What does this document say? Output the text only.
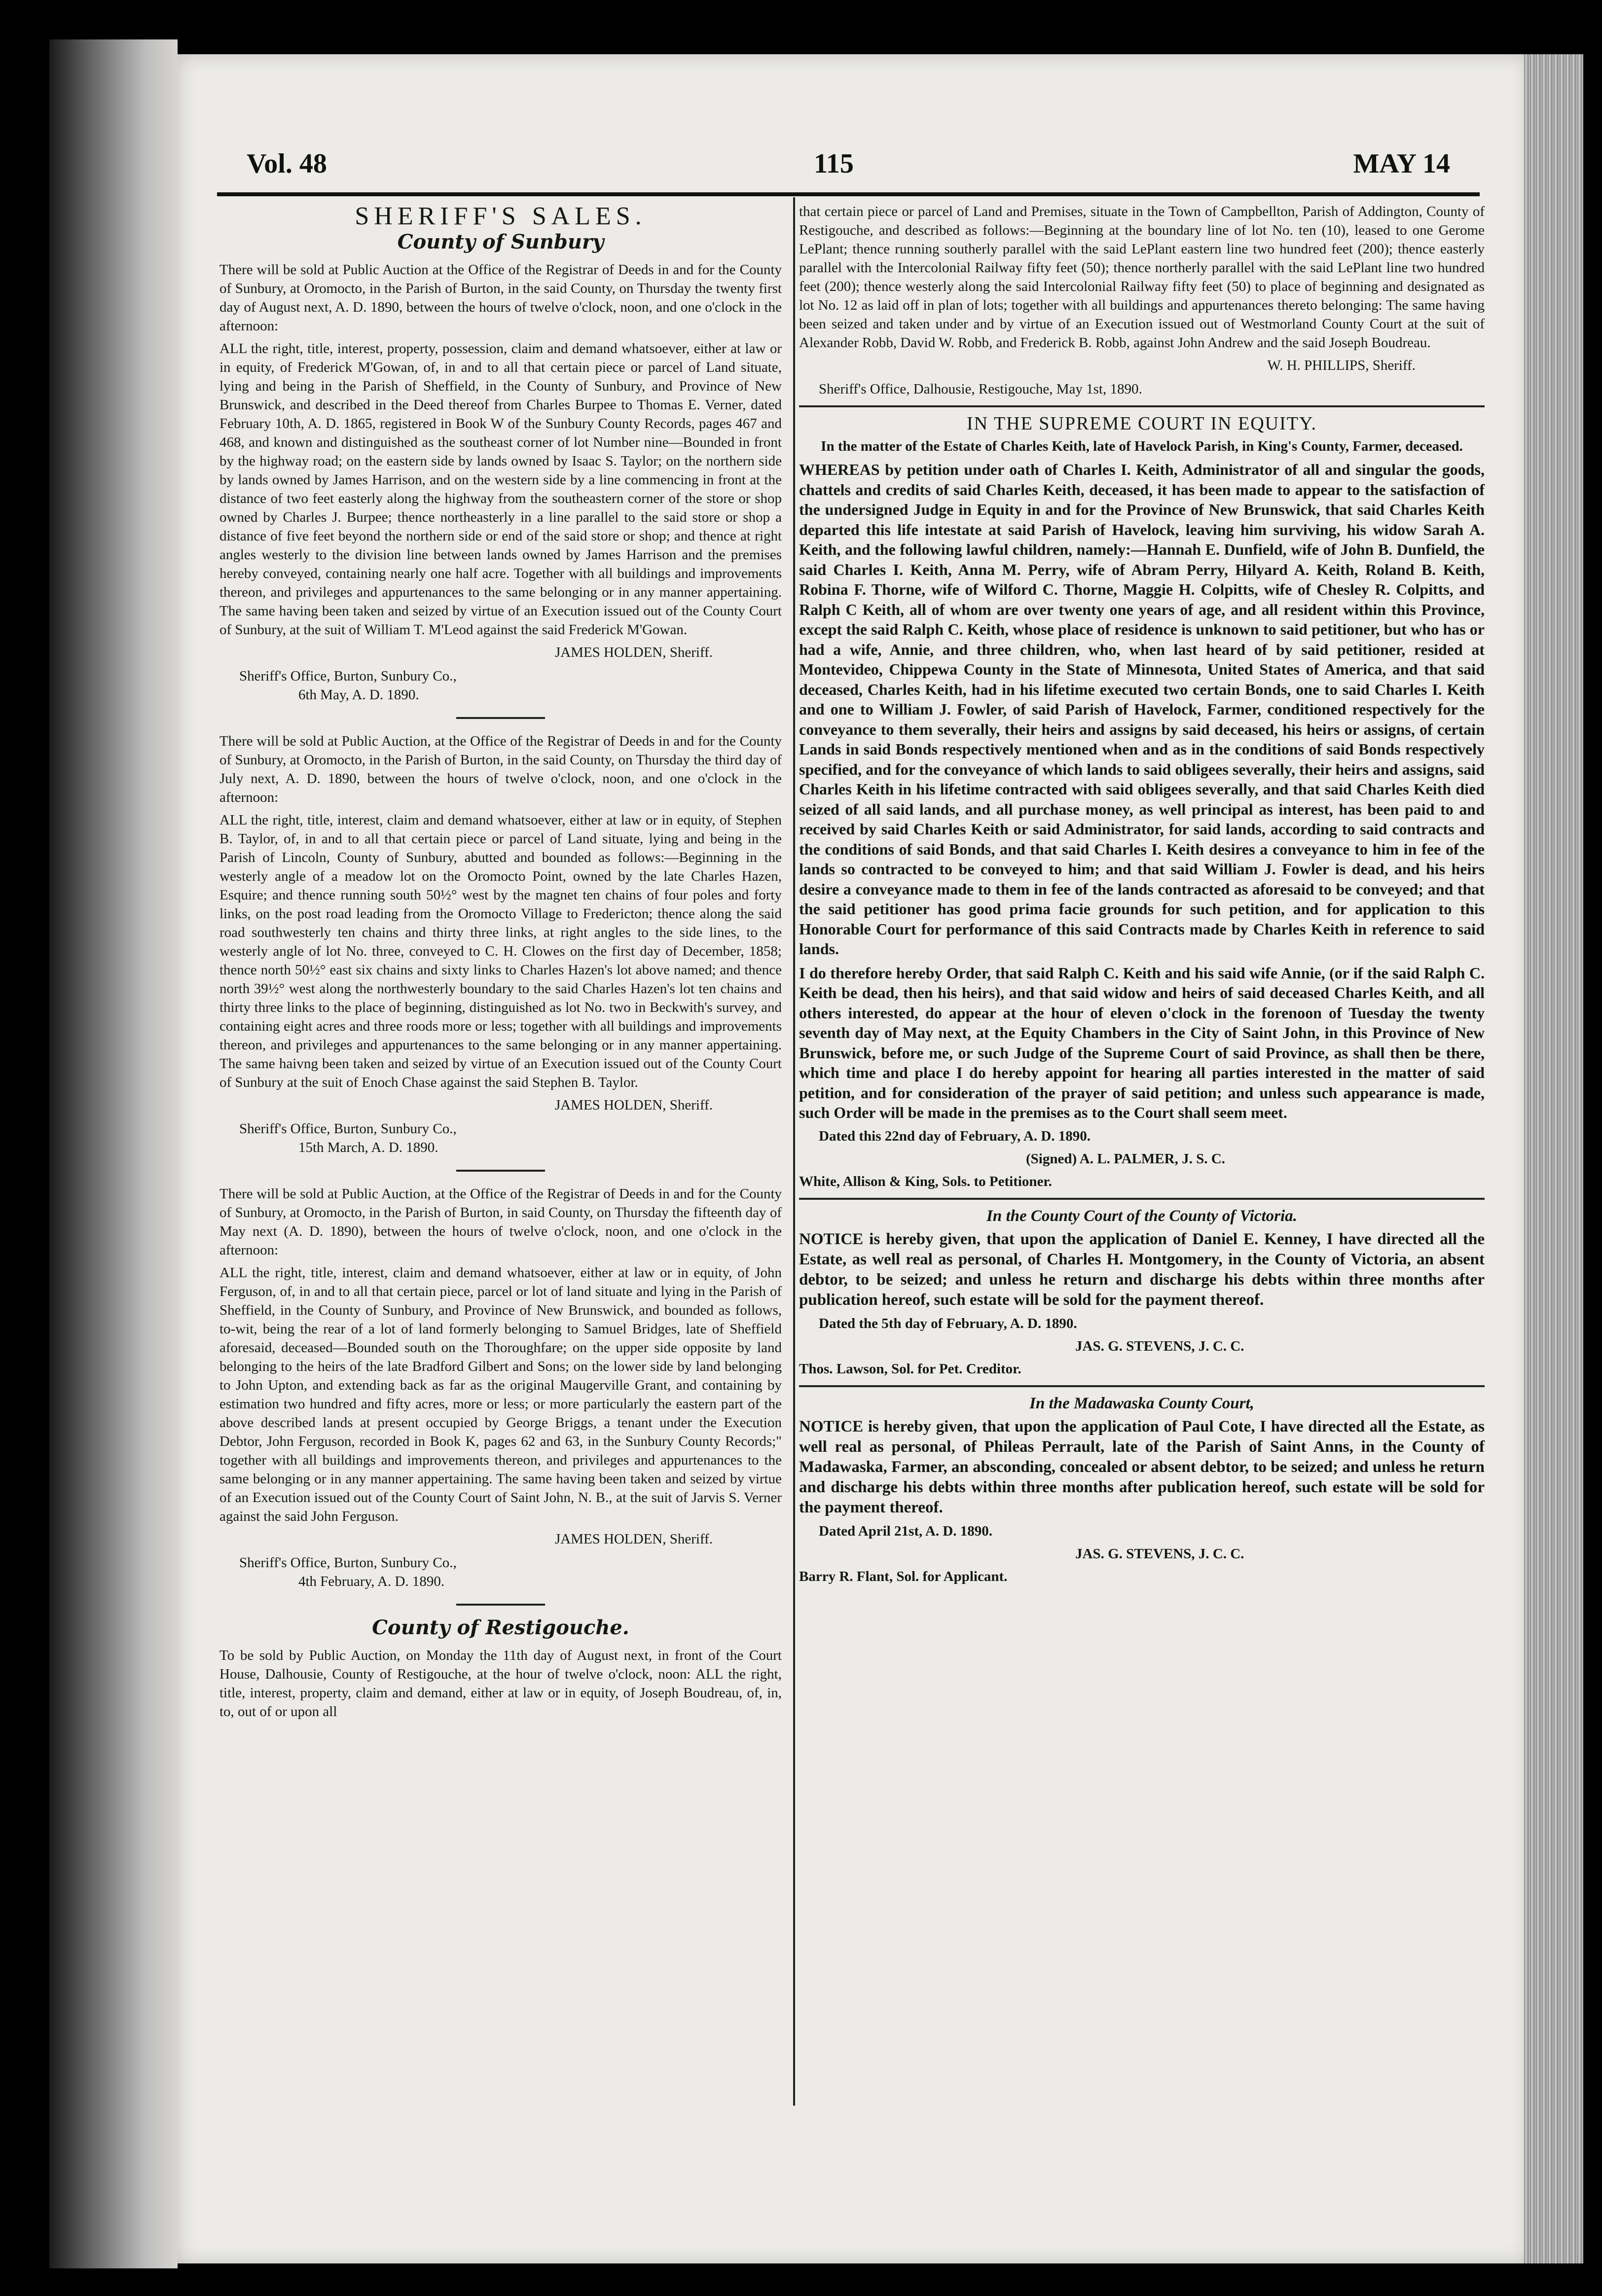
Vol. 48	115	MAY 14
SHERIFF'S SALES.
County of Sunbury

There will be sold at Public Auction at the Office of the Registrar of Deeds in and for the County of Sunbury, at Oromocto, in the Parish of Burton, in the said County, on Thursday the twenty first day of August next, A. D. 1890, between the hours of twelve o'clock, noon, and one o'clock in the afternoon:

ALL the right, title, interest, property, possession, claim and demand whatsoever, either at law or in equity, of Frederick M'Gowan, of, in and to all that certain piece or parcel of Land situate, lying and being in the Parish of Sheffield, in the County of Sunbury, and Province of New Brunswick, and described in the Deed thereof from Charles Burpee to Thomas E. Verner, dated February 10th, A. D. 1865, registered in Book W of the Sunbury County Records, pages 467 and 468, and known and distinguished as the southeast corner of lot Number nine—Bounded in front by the highway road; on the eastern side by lands owned by Isaac S. Taylor; on the northern side by lands owned by James Harrison, and on the western side by a line commencing in front at the distance of two feet easterly along the highway from the southeastern corner of the store or shop owned by Charles J. Burpee; thence northeasterly in a line parallel to the said store or shop a distance of five feet beyond the northern side or end of the said store or shop; and thence at right angles westerly to the division line between lands owned by James Harrison and the premises hereby conveyed, containing nearly one half acre. Together with all buildings and improvements thereon, and privileges and appurtenances to the same belonging or in any manner appertaining. The same having been taken and seized by virtue of an Execution issued out of the County Court of Sunbury, at the suit of William T. M'Leod against the said Frederick M'Gowan.

JAMES HOLDEN, Sheriff.

Sheriff's Office, Burton, Sunbury Co.,

6th May, A. D. 1890.

There will be sold at Public Auction, at the Office of the Registrar of Deeds in and for the County of Sunbury, at Oromocto, in the Parish of Burton, in the said County, on Thursday the third day of July next, A. D. 1890, between the hours of twelve o'clock, noon, and one o'clock in the afternoon:

ALL the right, title, interest, claim and demand whatsoever, either at law or in equity, of Stephen B. Taylor, of, in and to all that certain piece or parcel of Land situate, lying and being in the Parish of Lincoln, County of Sunbury, abutted and bounded as follows:—Beginning in the westerly angle of a meadow lot on the Oromocto Point, owned by the late Charles Hazen, Esquire; and thence running south 50½° west by the magnet ten chains of four poles and forty links, on the post road leading from the Oromocto Village to Fredericton; thence along the said road southwesterly ten chains and thirty three links, at right angles to the side lines, to the westerly angle of lot No. three, conveyed to C. H. Clowes on the first day of December, 1858; thence north 50½° east six chains and sixty links to Charles Hazen's lot above named; and thence north 39½° west along the northwesterly boundary to the said Charles Hazen's lot ten chains and thirty three links to the place of beginning, distinguished as lot No. two in Beckwith's survey, and containing eight acres and three roods more or less; together with all buildings and improvements thereon, and privileges and appurtenances to the same belonging or in any manner appertaining. The same haivng been taken and seized by virtue of an Execution issued out of the County Court of Sunbury at the suit of Enoch Chase against the said Stephen B. Taylor.

JAMES HOLDEN, Sheriff.

Sheriff's Office, Burton, Sunbury Co.,

15th March, A. D. 1890.

There will be sold at Public Auction, at the Office of the Registrar of Deeds in and for the County of Sunbury, at Oromocto, in the Parish of Burton, in said County, on Thursday the fifteenth day of May next (A. D. 1890), between the hours of twelve o'clock, noon, and one o'clock in the afternoon:

ALL the right, title, interest, claim and demand whatsoever, either at law or in equity, of John Ferguson, of, in and to all that certain piece, parcel or lot of land situate and lying in the Parish of Sheffield, in the County of Sunbury, and Province of New Brunswick, and bounded as follows, to-wit, being the rear of a lot of land formerly belonging to Samuel Bridges, late of Sheffield aforesaid, deceased—Bounded south on the Thoroughfare; on the upper side opposite by land belonging to the heirs of the late Bradford Gilbert and Sons; on the lower side by land belonging to John Upton, and extending back as far as the original Maugerville Grant, and containing by estimation two hundred and fifty acres, more or less; or more particularly the eastern part of the above described lands at present occupied by George Briggs, a tenant under the Execution Debtor, John Ferguson, recorded in Book K, pages 62 and 63, in the Sunbury County Records;" together with all buildings and improvements thereon, and privileges and appurtenances to the same belonging or in any manner appertaining. The same having been taken and seized by virtue of an Execution issued out of the County Court of Saint John, N. B., at the suit of Jarvis S. Verner against the said John Ferguson.

JAMES HOLDEN, Sheriff.

Sheriff's Office, Burton, Sunbury Co.,

4th February, A. D. 1890.

County of Restigouche.

To be sold by Public Auction, on Monday the 11th day of August next, in front of the Court House, Dalhousie, County of Restigouche, at the hour of twelve o'clock, noon: ALL the right, title, interest, property, claim and demand, either at law or in equity, of Joseph Boudreau, of, in, to, out of or upon all

that certain piece or parcel of Land and Premises, situate in the Town of Campbellton, Parish of Addington, County of Restigouche, and described as follows:—Beginning at the boundary line of lot No. ten (10), leased to one Gerome LePlant; thence running southerly parallel with the said LePlant eastern line two hundred feet (200); thence easterly parallel with the Intercolonial Railway fifty feet (50); thence northerly parallel with the said LePlant line two hundred feet (200); thence westerly along the said Intercolonial Railway fifty feet (50) to place of beginning and designated as lot No. 12 as laid off in plan of lots; together with all buildings and appurtenances thereto belonging: The same having been seized and taken under and by virtue of an Execution issued out of Westmorland County Court at the suit of Alexander Robb, David W. Robb, and Frederick B. Robb, against John Andrew and the said Joseph Boudreau.

W. H. PHILLIPS, Sheriff.

Sheriff's Office, Dalhousie, Restigouche, May 1st, 1890.

IN THE SUPREME COURT IN EQUITY.

In the matter of the Estate of Charles Keith, late of Havelock Parish, in King's County, Farmer, deceased.

WHEREAS by petition under oath of Charles I. Keith, Administrator of all and singular the goods, chattels and credits of said Charles Keith, deceased, it has been made to appear to the satisfaction of the undersigned Judge in Equity in and for the Province of New Brunswick, that said Charles Keith departed this life intestate at said Parish of Havelock, leaving him surviving, his widow Sarah A. Keith, and the following lawful children, namely:—Hannah E. Dunfield, wife of John B. Dunfield, the said Charles I. Keith, Anna M. Perry, wife of Abram Perry, Hilyard A. Keith, Roland B. Keith, Robina F. Thorne, wife of Wilford C. Thorne, Maggie H. Colpitts, wife of Chesley R. Colpitts, and Ralph C Keith, all of whom are over twenty one years of age, and all resident within this Province, except the said Ralph C. Keith, whose place of residence is unknown to said petitioner, but who has or had a wife, Annie, and three children, who, when last heard of by said petitioner, resided at Montevideo, Chippewa County in the State of Minnesota, United States of America, and that said deceased, Charles Keith, had in his lifetime executed two certain Bonds, one to said Charles I. Keith and one to William J. Fowler, of said Parish of Havelock, Farmer, conditioned respectively for the conveyance to them severally, their heirs and assigns by said deceased, his heirs or assigns, of certain Lands in said Bonds respectively mentioned when and as in the conditions of said Bonds respectively specified, and for the conveyance of which lands to said obligees severally, their heirs and assigns, said Charles Keith in his lifetime contracted with said obligees severally, and that said Charles Keith died seized of all said lands, and all purchase money, as well principal as interest, has been paid to and received by said Charles Keith or said Administrator, for said lands, according to said contracts and the conditions of said Bonds, and that said Charles I. Keith desires a conveyance to him in fee of the lands so contracted to be conveyed to him; and that said William J. Fowler is dead, and his heirs desire a conveyance made to them in fee of the lands contracted as aforesaid to be conveyed; and that the said petitioner has good prima facie grounds for such petition, and for application to this Honorable Court for performance of this said Contracts made by Charles Keith in reference to said lands.

I do therefore hereby Order, that said Ralph C. Keith and his said wife Annie, (or if the said Ralph C. Keith be dead, then his heirs), and that said widow and heirs of said deceased Charles Keith, and all others interested, do appear at the hour of eleven o'clock in the forenoon of Tuesday the twenty seventh day of May next, at the Equity Chambers in the City of Saint John, in this Province of New Brunswick, before me, or such Judge of the Supreme Court of said Province, as shall then be there, which time and place I do hereby appoint for hearing all parties interested in the matter of said petition, and for consideration of the prayer of said petition; and unless such appearance is made, such Order will be made in the premises as to the Court shall seem meet.

Dated this 22nd day of February, A. D. 1890.

(Signed) A. L. PALMER, J. S. C.

White, Allison & King, Sols. to Petitioner.

In the County Court of the County of Victoria.

NOTICE is hereby given, that upon the application of Daniel E. Kenney, I have directed all the Estate, as well real as personal, of Charles H. Montgomery, in the County of Victoria, an absent debtor, to be seized; and unless he return and discharge his debts within three months after publication hereof, such estate will be sold for the payment thereof.

Dated the 5th day of February, A. D. 1890.

JAS. G. STEVENS, J. C. C.

Thos. Lawson, Sol. for Pet. Creditor.

In the Madawaska County Court,

NOTICE is hereby given, that upon the application of Paul Cote, I have directed all the Estate, as well real as personal, of Phileas Perrault, late of the Parish of Saint Anns, in the County of Madawaska, Farmer, an absconding, concealed or absent debtor, to be seized; and unless he return and discharge his debts within three months after publication hereof, such estate will be sold for the payment thereof.

Dated April 21st, A. D. 1890.

JAS. G. STEVENS, J. C. C.

Barry R. Flant, Sol. for Applicant.
